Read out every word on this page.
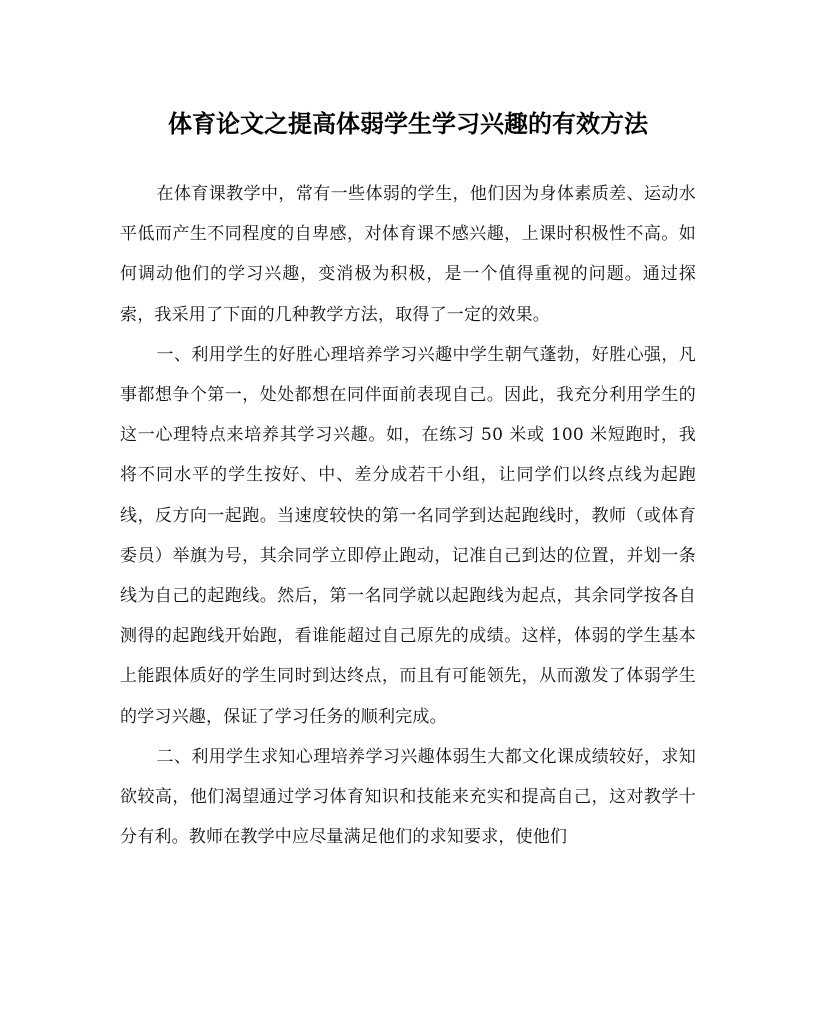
体育论文之提高体弱学生学习兴趣的有效方法

在体育课教学中，常有一些体弱的学生，他们因为身体素质差、运动水平低而产生不同程度的自卑感，对体育课不感兴趣，上课时积极性不高。如何调动他们的学习兴趣，变消极为积极，是一个值得重视的问题。通过探索，我采用了下面的几种教学方法，取得了一定的效果。

一、利用学生的好胜心理培养学习兴趣中学生朝气蓬勃，好胜心强，凡事都想争个第一，处处都想在同伴面前表现自己。因此，我充分利用学生的这一心理特点来培养其学习兴趣。如，在练习 50 米或 100 米短跑时，我将不同水平的学生按好、中、差分成若干小组，让同学们以终点线为起跑线，反方向一起跑。当速度较快的第一名同学到达起跑线时，教师（或体育委员）举旗为号，其余同学立即停止跑动，记准自己到达的位置，并划一条线为自己的起跑线。然后，第一名同学就以起跑线为起点，其余同学按各自测得的起跑线开始跑，看谁能超过自己原先的成绩。这样，体弱的学生基本上能跟体质好的学生同时到达终点，而且有可能领先，从而激发了体弱学生的学习兴趣，保证了学习任务的顺利完成。

二、利用学生求知心理培养学习兴趣体弱生大都文化课成绩较好，求知欲较高，他们渴望通过学习体育知识和技能来充实和提高自己，这对教学十分有利。教师在教学中应尽量满足他们的求知要求，使他们
